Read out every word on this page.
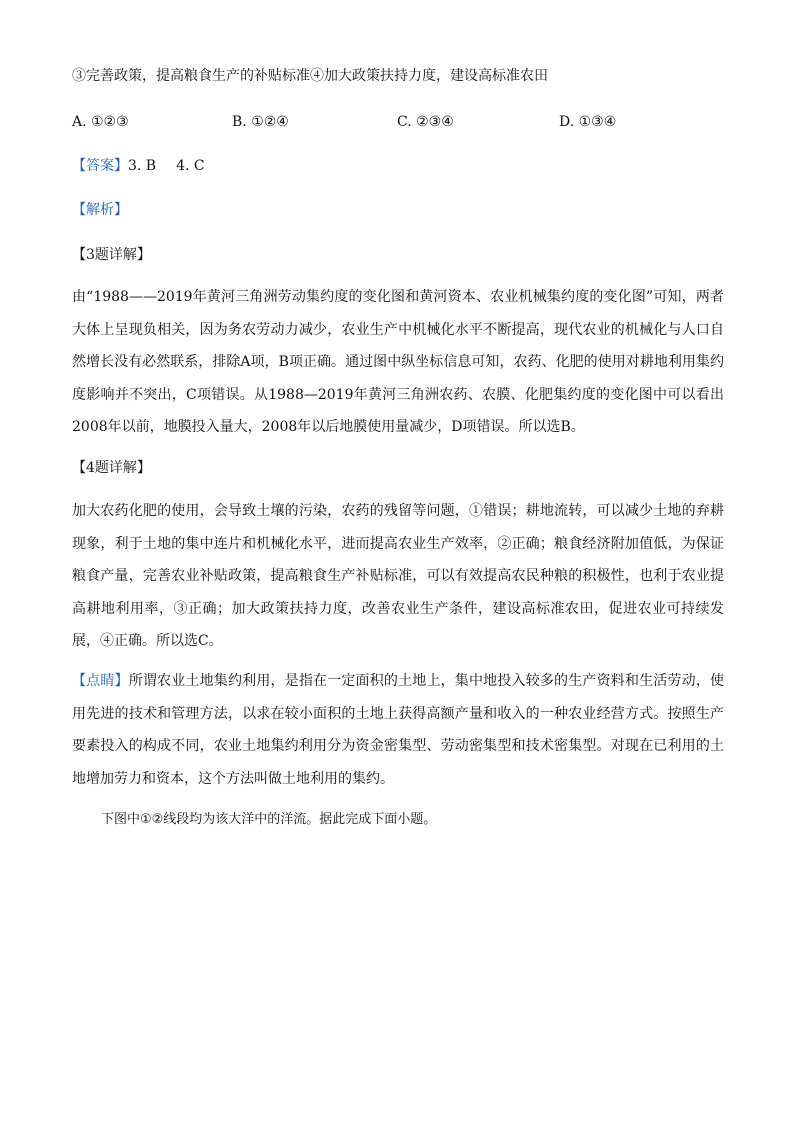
③完善政策，提高粮食生产的补贴标准④加大政策扶持力度，建设高标准农田
A. ①②③	B. ①②④	C. ②③④	D. ①③④
【答案】3. B 4. C
【解析】
【3题详解】
由“1988——2019年黄河三角洲劳动集约度的变化图和黄河资本、农业机械集约度的变化图”可知，两者大体上呈现负相关，因为务农劳动力减少，农业生产中机械化水平不断提高，现代农业的机械化与人口自然增长没有必然联系，排除A项，B项正确。通过图中纵坐标信息可知，农药、化肥的使用对耕地利用集约度影响并不突出，C项错误。从1988—2019年黄河三角洲农药、农膜、化肥集约度的变化图中可以看出2008年以前，地膜投入量大，2008年以后地膜使用量减少，D项错误。所以选B。
【4题详解】
加大农药化肥的使用，会导致土壤的污染，农药的残留等问题，①错误；耕地流转，可以减少土地的弃耕现象，利于土地的集中连片和机械化水平，进而提高农业生产效率，②正确；粮食经济附加值低，为保证粮食产量，完善农业补贴政策，提高粮食生产补贴标准，可以有效提高农民种粮的积极性，也利于农业提高耕地利用率，③正确；加大政策扶持力度，改善农业生产条件，建设高标准农田，促进农业可持续发展，④正确。所以选C。
【点睛】所谓农业土地集约利用，是指在一定面积的土地上，集中地投入较多的生产资料和生活劳动，使用先进的技术和管理方法，以求在较小面积的土地上获得高额产量和收入的一种农业经营方式。按照生产要素投入的构成不同，农业土地集约利用分为资金密集型、劳动密集型和技术密集型。对现在已利用的土地增加劳力和资本，这个方法叫做土地利用的集约。
下图中①②线段均为该大洋中的洋流。据此完成下面小题。
